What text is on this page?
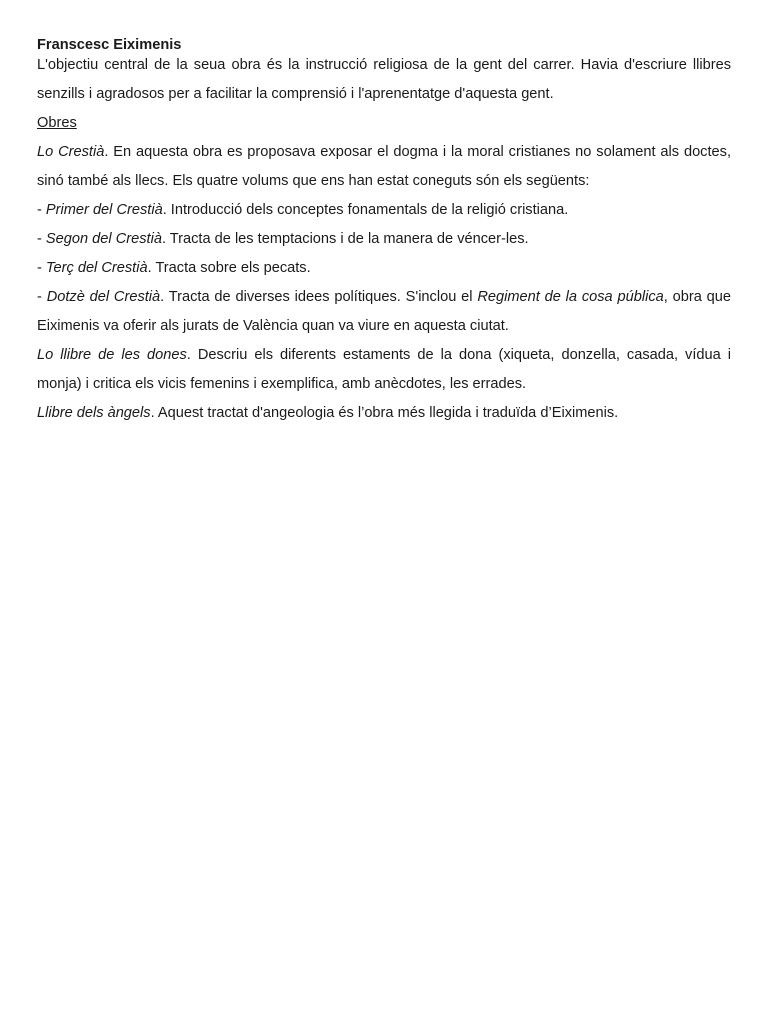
Franscesc Eiximenis

L'objectiu central de la seua obra és la instrucció religiosa de la gent del carrer. Havia d'escriure llibres senzills i agradosos per a facilitar la comprensió i l'aprenentatge d'aquesta gent.

Obres

Lo Crestià. En aquesta obra es proposava exposar el dogma i la moral cristianes no solament als doctes, sinó també als llecs. Els quatre volums que ens han estat coneguts són els següents:

- Primer del Crestià. Introducció dels conceptes fonamentals de la religió cristiana.

- Segon del Crestià. Tracta de les temptacions i de la manera de véncer-les.

- Terç del Crestià. Tracta sobre els pecats.

- Dotzè del Crestià. Tracta de diverses idees polítiques. S'inclou el Regiment de la cosa pública, obra que Eiximenis va oferir als jurats de València quan va viure en aquesta ciutat.

Lo llibre de les dones. Descriu els diferents estaments de la dona (xiqueta, donzella, casada, vídua i monja) i critica els vicis femenins i exemplifica, amb anècdotes, les errades.

Llibre dels àngels. Aquest tractat d'angeologia és l’obra més llegida i traduïda d’Eiximenis.
